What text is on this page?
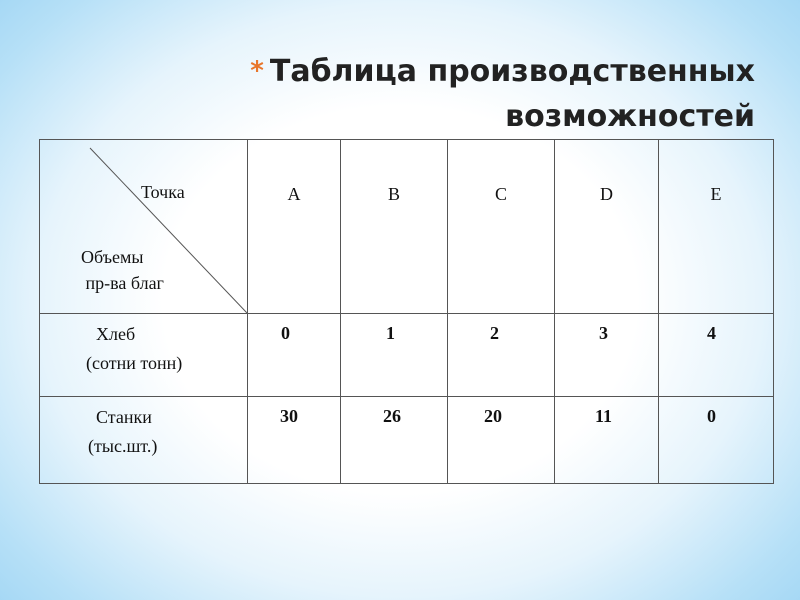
* Таблица производственных
возможностей
Точка
Объемы
пр-ва благ	A	B	C	D	E

Хлеб
(сотни тонн)	0	1	2	3	4

Станки
(тыс.шт.)	30	26	20	11	0
